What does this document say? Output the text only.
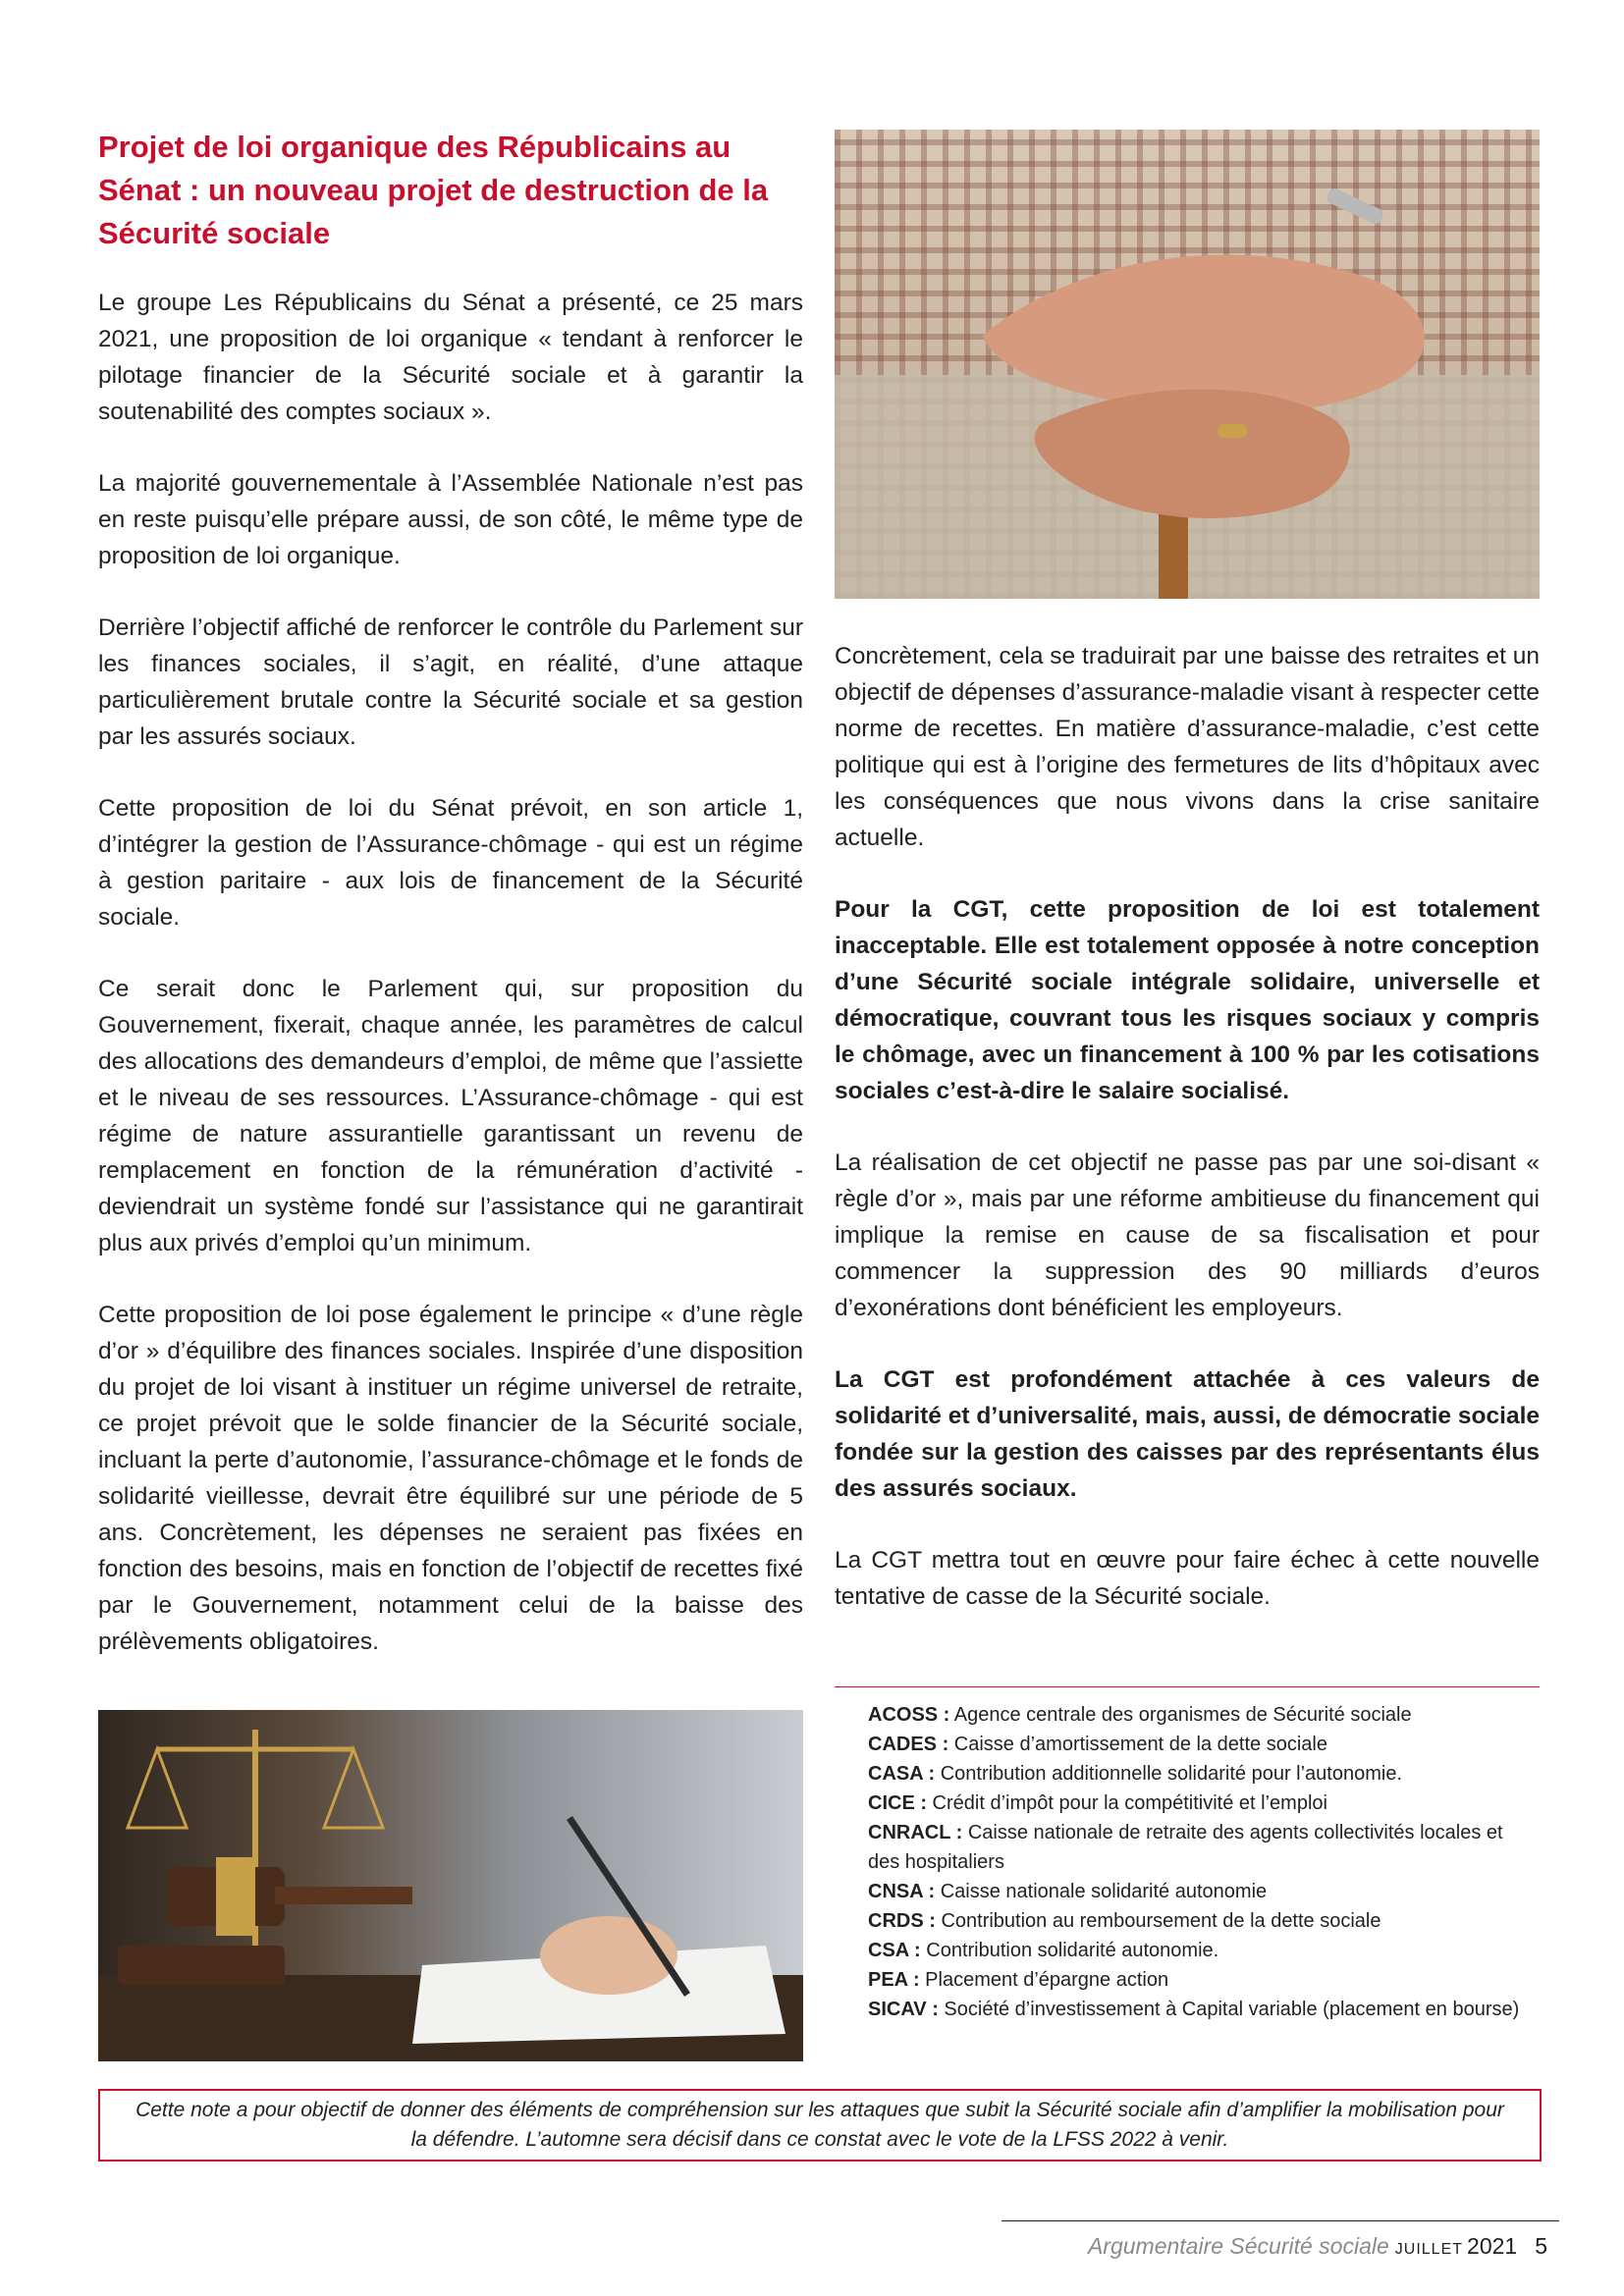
Projet de loi organique des Républicains au Sénat : un nouveau projet de destruction de la Sécurité sociale

Le groupe Les Républicains du Sénat a présenté, ce 25 mars 2021, une proposition de loi organique « tendant à renforcer le pilotage financier de la Sécurité sociale et à garantir la soutenabilité des comptes sociaux ».

La majorité gouvernementale à l’Assemblée Nationale n’est pas en reste puisqu’elle prépare aussi, de son côté, le même type de proposition de loi organique.

Derrière l’objectif affiché de renforcer le contrôle du Parlement sur les finances sociales, il s’agit, en réalité, d’une attaque particulièrement brutale contre la Sécurité sociale et sa gestion par les assurés sociaux.

Cette proposition de loi du Sénat prévoit, en son article 1, d’intégrer la gestion de l’Assurance-chômage - qui est un régime à gestion paritaire - aux lois de financement de la Sécurité sociale.

Ce serait donc le Parlement qui, sur proposition du Gouvernement, fixerait, chaque année, les paramètres de calcul des allocations des demandeurs d’emploi, de même que l’assiette et le niveau de ses ressources. L’Assurance-chômage - qui est régime de nature assurantielle garantissant un revenu de remplacement en fonction de la rémunération d’activité - deviendrait un système fondé sur l’assistance qui ne garantirait plus aux privés d’emploi qu’un minimum.

Cette proposition de loi pose également le principe « d’une règle d’or » d’équilibre des finances sociales. Inspirée d’une disposition du projet de loi visant à instituer un régime universel de retraite, ce projet prévoit que le solde financier de la Sécurité sociale, incluant la perte d’autonomie, l’assurance-chômage et le fonds de solidarité vieillesse, devrait être équilibré sur une période de 5 ans. Concrètement, les dépenses ne seraient pas fixées en fonction des besoins, mais en fonction de l’objectif de recettes fixé par le Gouvernement, notamment celui de la baisse des prélèvements obligatoires.

Concrètement, cela se traduirait par une baisse des retraites et un objectif de dépenses d’assurance-maladie visant à respecter cette norme de recettes. En matière d’assurance-maladie, c’est cette politique qui est à l’origine des fermetures de lits d’hôpitaux avec les conséquences que nous vivons dans la crise sanitaire actuelle.

Pour la CGT, cette proposition de loi est totalement inacceptable. Elle est totalement opposée à notre conception d’une Sécurité sociale intégrale solidaire, universelle et démocratique, couvrant tous les risques sociaux y compris le chômage, avec un financement à 100 % par les cotisations sociales c’est-à-dire le salaire socialisé.

La réalisation de cet objectif ne passe pas par une soi-disant « règle d’or », mais par une réforme ambitieuse du financement qui implique la remise en cause de sa fiscalisation et pour commencer la suppression des 90 milliards d’euros d’exonérations dont bénéficient les employeurs.

La CGT est profondément attachée à ces valeurs de solidarité et d’universalité, mais, aussi, de démocratie sociale fondée sur la gestion des caisses par des représentants élus des assurés sociaux.

La CGT mettra tout en œuvre pour faire échec à cette nouvelle tentative de casse de la Sécurité sociale.

ACOSS : Agence centrale des organismes de Sécurité sociale

CADES : Caisse d’amortissement de la dette sociale

CASA : Contribution additionnelle solidarité pour l’autonomie.

CICE : Crédit d’impôt pour la compétitivité et l’emploi

CNRACL : Caisse nationale de retraite des agents collectivités locales et des hospitaliers

CNSA : Caisse nationale solidarité autonomie

CRDS : Contribution au remboursement de la dette sociale

CSA : Contribution solidarité autonomie.

PEA : Placement d’épargne action

SICAV : Société d’investissement à Capital variable (placement en bourse)

Cette note a pour objectif de donner des éléments de compréhension sur les attaques que subit la Sécurité sociale afin d’amplifier la mobilisation pour la défendre. L’automne sera décisif dans ce constat avec le vote de la LFSS 2022 à venir.

Argumentaire Sécurité sociale juillet 2021 5
